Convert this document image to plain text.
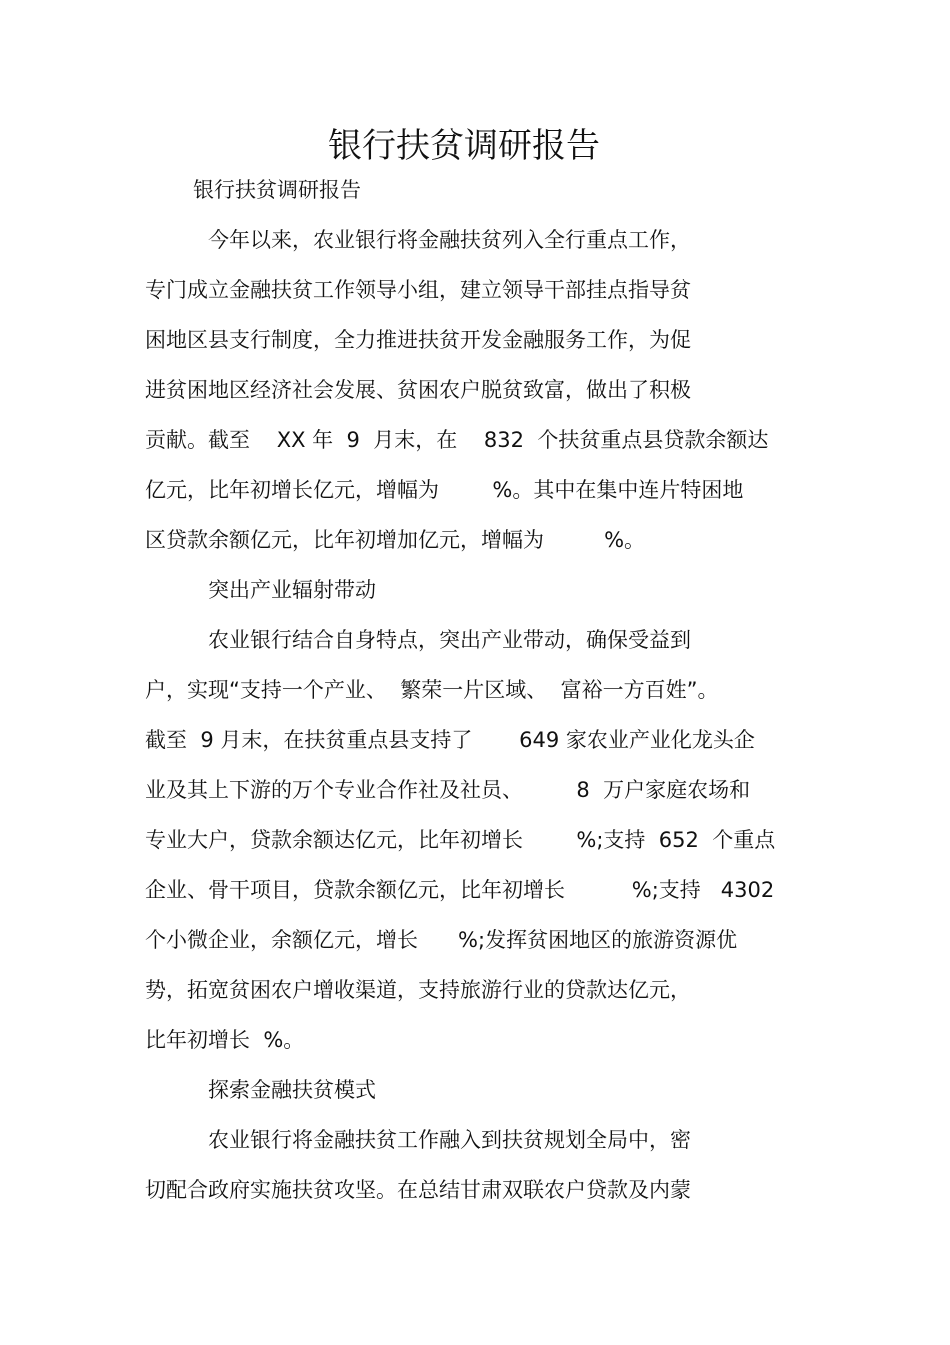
银行扶贫调研报告
银行扶贫调研报告
今年以来，农业银行将金融扶贫列入全行重点工作，
专门成立金融扶贫工作领导小组，建立领导干部挂点指导贫
困地区县支行制度，全力推进扶贫开发金融服务工作，为促
进贫困地区经济社会发展、贫困农户脱贫致富，做出了积极
贡献。截至    XX 年  9  月末，在    832  个扶贫重点县贷款余额达
亿元，比年初增长亿元，增幅为        %。其中在集中连片特困地
区贷款余额亿元，比年初增加亿元，增幅为         %。
突出产业辐射带动
农业银行结合自身特点，突出产业带动，确保受益到
户，实现“支持一个产业、  繁荣一片区域、  富裕一方百姓”。
截至  9 月末，在扶贫重点县支持了       649 家农业产业化龙头企
业及其上下游的万个专业合作社及社员、        8  万户家庭农场和
专业大户，贷款余额达亿元，比年初增长        %;支持  652  个重点
企业、骨干项目，贷款余额亿元，比年初增长          %;支持   4302
个小微企业，余额亿元，增长      %;发挥贫困地区的旅游资源优
势，拓宽贫困农户增收渠道，支持旅游行业的贷款达亿元，
比年初增长  %。
探索金融扶贫模式
农业银行将金融扶贫工作融入到扶贫规划全局中，密
切配合政府实施扶贫攻坚。在总结甘肃双联农户贷款及内蒙
